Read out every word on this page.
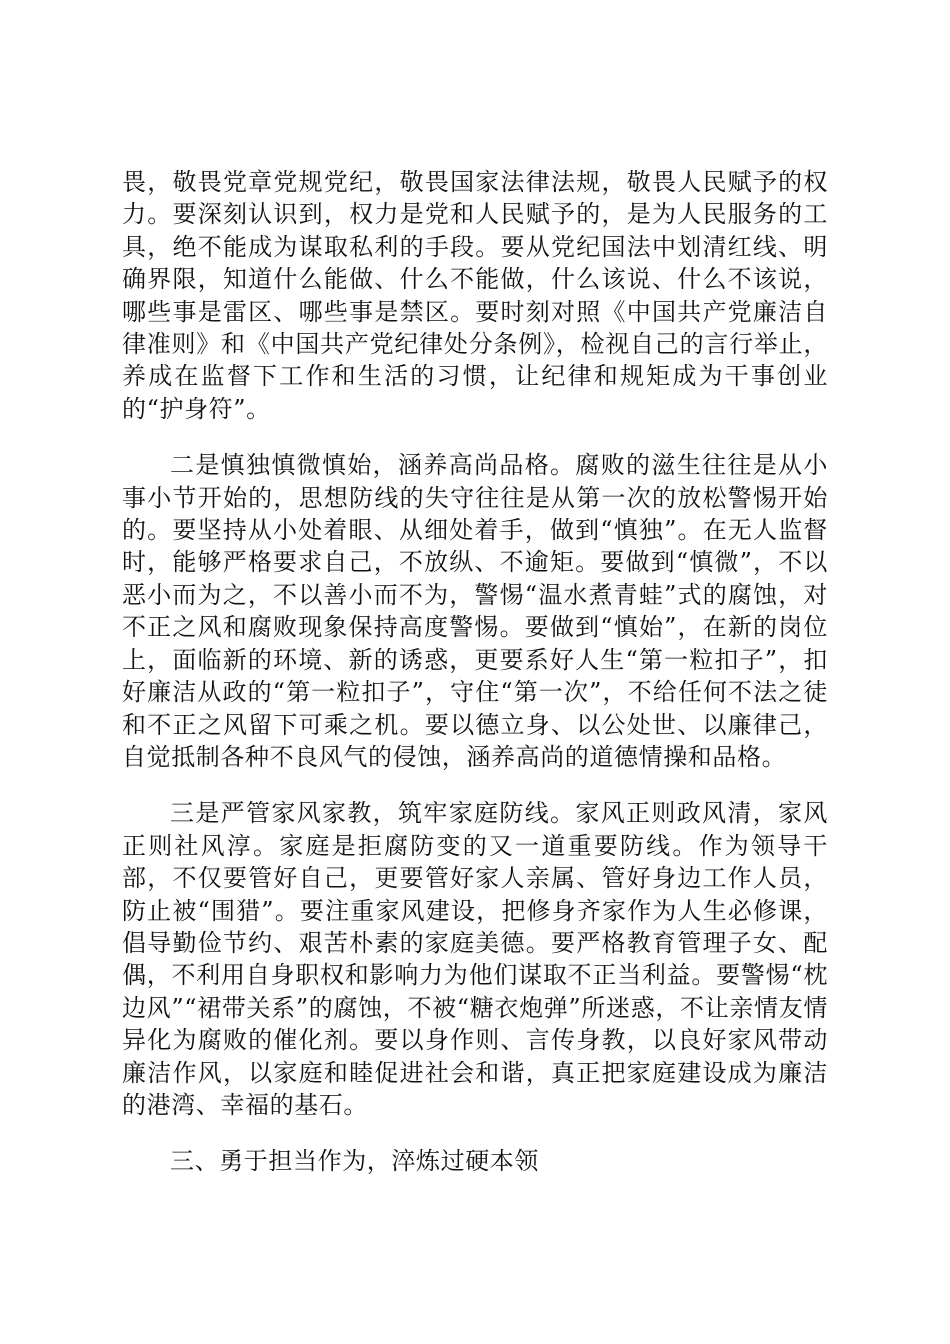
畏，敬畏党章党规党纪，敬畏国家法律法规，敬畏人民赋予的权力。要深刻认识到，权力是党和人民赋予的，是为人民服务的工具，绝不能成为谋取私利的手段。要从党纪国法中划清红线、明确界限，知道什么能做、什么不能做，什么该说、什么不该说，哪些事是雷区、哪些事是禁区。要时刻对照《中国共产党廉洁自律准则》和《中国共产党纪律处分条例》，检视自己的言行举止，养成在监督下工作和生活的习惯，让纪律和规矩成为干事创业的“护身符”。

二是慎独慎微慎始，涵养高尚品格。腐败的滋生往往是从小事小节开始的，思想防线的失守往往是从第一次的放松警惕开始的。要坚持从小处着眼、从细处着手，做到“慎独”。在无人监督时，能够严格要求自己，不放纵、不逾矩。要做到“慎微”，不以恶小而为之，不以善小而不为，警惕“温水煮青蛙”式的腐蚀，对不正之风和腐败现象保持高度警惕。要做到“慎始”，在新的岗位上，面临新的环境、新的诱惑，更要系好人生“第一粒扣子”，扣好廉洁从政的“第一粒扣子”，守住“第一次”，不给任何不法之徒和不正之风留下可乘之机。要以德立身、以公处世、以廉律己，自觉抵制各种不良风气的侵蚀，涵养高尚的道德情操和品格。

三是严管家风家教，筑牢家庭防线。家风正则政风清，家风正则社风淳。家庭是拒腐防变的又一道重要防线。作为领导干部，不仅要管好自己，更要管好家人亲属、管好身边工作人员，防止被“围猎”。要注重家风建设，把修身齐家作为人生必修课，倡导勤俭节约、艰苦朴素的家庭美德。要严格教育管理子女、配偶，不利用自身职权和影响力为他们谋取不正当利益。要警惕“枕边风”“裙带关系”的腐蚀，不被“糖衣炮弹”所迷惑，不让亲情友情异化为腐败的催化剂。要以身作则、言传身教，以良好家风带动廉洁作风，以家庭和睦促进社会和谐，真正把家庭建设成为廉洁的港湾、幸福的基石。

三、勇于担当作为，淬炼过硬本领
